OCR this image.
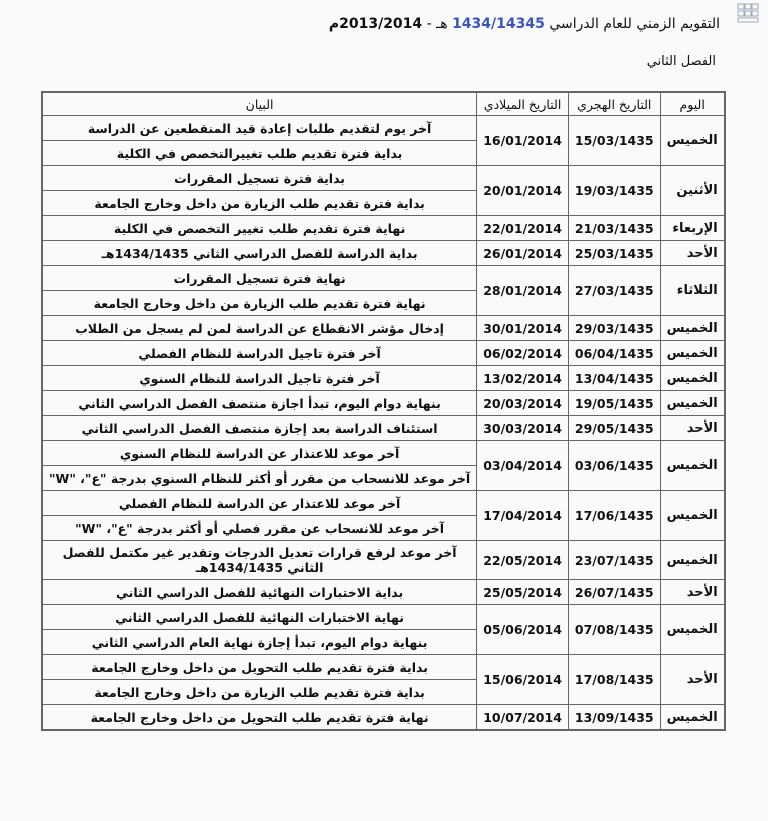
التقويم الزمني للعام الدراسي 1434/14345 هـ - 2013/2014م
الفصل الثاني
اليوم	التاريخ الهجري	التاريخ الميلادي	البيان
الخميس	15/03/1435	16/01/2014	آخر يوم لتقديم طلبات إعادة قيد المنقطعين عن الدراسة
			بداية فترة تقديم طلب تغييرالتخصص في الكلية
الأثنين	19/03/1435	20/01/2014	بداية فترة تسجيل المقررات
			بداية فترة تقديم طلب الزيارة من داخل وخارج الجامعة
الإربعاء	21/03/1435	22/01/2014	نهاية فترة تقديم طلب تغيير التخصص في الكلية
الأحد	25/03/1435	26/01/2014	بداية الدراسة للفصل الدراسي الثاني 1434/1435هـ
الثلاثاء	27/03/1435	28/01/2014	نهاية فترة تسجيل المقررات
			نهاية فترة تقديم طلب الزيارة من داخل وخارج الجامعة
الخميس	29/03/1435	30/01/2014	إدخال مؤشر الانقطاع عن الدراسة لمن لم يسجل من الطلاب
الخميس	06/04/1435	06/02/2014	آخر فترة تاجيل الدراسة للنظام الفصلي
الخميس	13/04/1435	13/02/2014	آخر فترة تاجيل الدراسة للنظام السنوي
الخميس	19/05/1435	20/03/2014	بنهاية دوام اليوم، تبدأ اجازة منتصف الفصل الدراسي الثاني
الأحد	29/05/1435	30/03/2014	استئناف الدراسة بعد إجازة منتصف الفصل الدراسي الثاني
الخميس	03/06/1435	03/04/2014	آخر موعد للاعتذار عن الدراسة للنظام السنوي
			آخر موعد للانسحاب من مقرر أو أكثر للنظام السنوي بدرجة "ع"، "W"
الخميس	17/06/1435	17/04/2014	آخر موعد للاعتذار عن الدراسة للنظام الفصلي
			آخر موعد للانسحاب عن مقرر فصلي أو أكثر بدرجة "ع"، "W"
الخميس	23/07/1435	22/05/2014	آخر موعد لرفع قرارات تعديل الدرجات وتقدير غير مكتمل للفصل الثاني 1434/1435هـ
الأحد	26/07/1435	25/05/2014	بداية الاختبارات النهائية للفصل الدراسي الثاني
الخميس	07/08/1435	05/06/2014	نهاية الاختبارات النهائية للفصل الدراسي الثاني
			بنهاية دوام اليوم، تبدأ إجازة نهاية العام الدراسي الثاني
الأحد	17/08/1435	15/06/2014	بداية فترة تقديم طلب التحويل من داخل وخارج الجامعة
			بداية فترة تقديم طلب الزيارة من داخل وخارج الجامعة
الخميس	13/09/1435	10/07/2014	نهاية فترة تقديم طلب التحويل من داخل وخارج الجامعة
